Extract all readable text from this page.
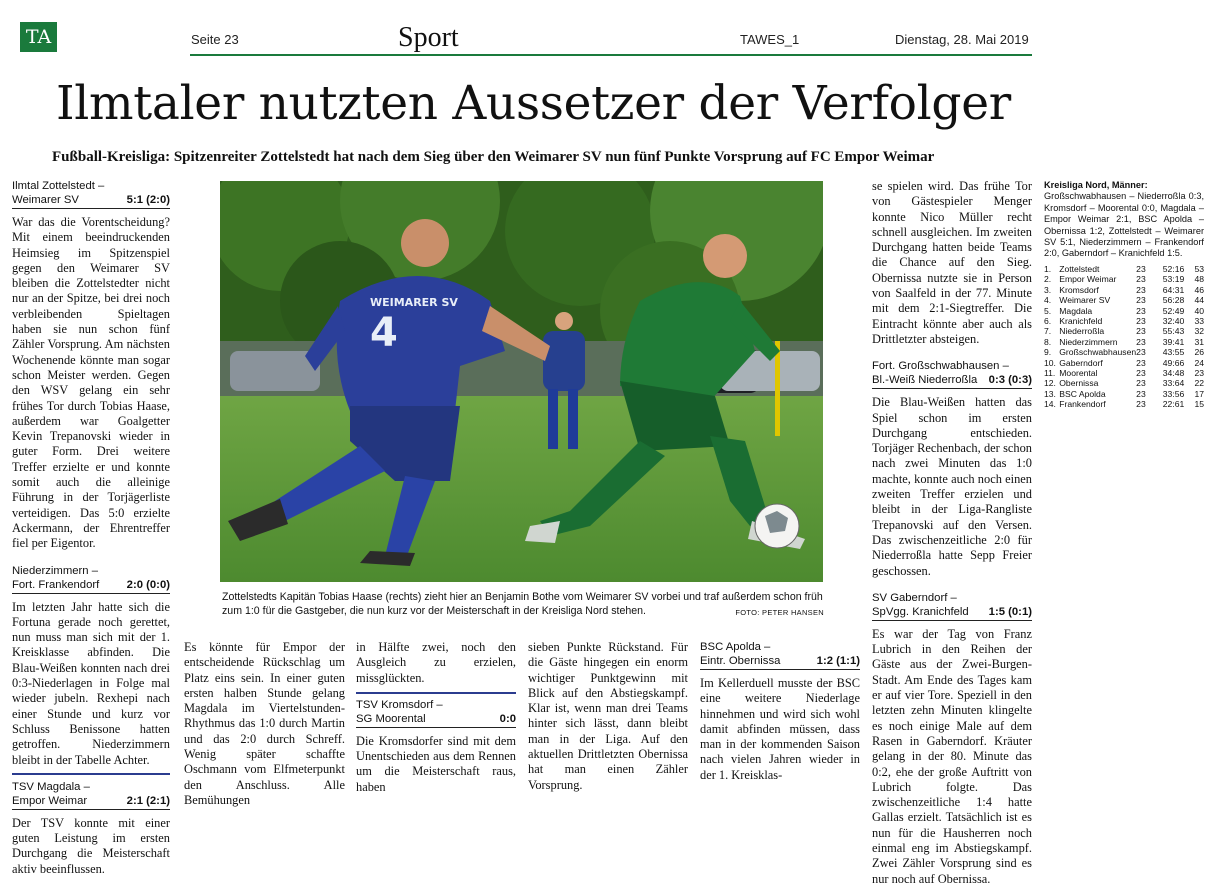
TA	Seite 23	Sport	TAWES_1	Dienstag, 28. Mai 2019
Ilmtaler nutzten Aussetzer der Verfolger
Fußball-Kreisliga: Spitzenreiter Zottelstedt hat nach dem Sieg über den Weimarer SV nun fünf Punkte Vorsprung auf FC Empor Weimar
Ilmtal Zottelstedt –
Weimarer SV	5:1 (2:0)
War das die Vorentscheidung? Mit einem beeindruckenden Heimsieg im Spitzenspiel gegen den Weimarer SV bleiben die Zottelstedter nicht nur an der Spitze, bei drei noch verbleibenden Spieltagen haben sie nun schon fünf Zähler Vorsprung. Am nächsten Wochenende könnte man sogar schon Meister werden. Gegen den WSV gelang ein sehr frühes Tor durch Tobias Haase, außerdem war Goalgetter Kevin Trepanovski wieder in guter Form. Drei weitere Treffer erzielte er und konnte somit auch die alleinige Führung in der Torjägerliste verteidigen. Das 5:0 erzielte Ackermann, der Ehrentreffer fiel per Eigentor.
Niederzimmern –
Fort. Frankendorf 2:0 (0:0)
Im letzten Jahr hatte sich die Fortuna gerade noch gerettet, nun muss man sich mit der 1. Kreisklasse abfinden. Die Blau-Weißen konnten nach drei 0:3-Niederlagen in Folge mal wieder jubeln. Rexhepi nach einer Stunde und kurz vor Schluss Benissone hatten getroffen. Niederzimmern bleibt in der Tabelle Achter.
TSV Magdala –
Empor Weimar	2:1 (2:1)
Der TSV konnte mit einer guten Leistung im ersten Durchgang die Meisterschaft aktiv beeinflussen.
WEIMARER SV
4
Zottelstedts Kapitän Tobias Haase (rechts) zieht hier an Benjamin Bothe vom Weimarer SV vorbei und traf außerdem schon früh zum 1:0 für die Gastgeber, die nun kurz vor der Meisterschaft in der Kreisliga Nord stehen.	FOTO: PETER HANSEN
Es könnte für Empor der entscheidende Rückschlag um Platz eins sein. In einer guten ersten halben Stunde gelang Magdala im Viertelstunden-Rhythmus das 1:0 durch Martin und das 2:0 durch Schreff. Wenig später schaffte Oschmann vom Elfmeterpunkt den Anschluss. Alle Bemühungen
in Hälfte zwei, noch den Ausgleich zu erzielen, missglückten.
TSV Kromsdorf –
SG Moorental	0:0
Die Kromsdorfer sind mit dem Unentschieden aus dem Rennen um die Meisterschaft raus, haben
sieben Punkte Rückstand. Für die Gäste hingegen ein enorm wichtiger Punktgewinn mit Blick auf den Abstiegskampf. Klar ist, wenn man drei Teams hinter sich lässt, dann bleibt man in der Liga. Auf den aktuellen Drittletzten Obernissa hat man einen Zähler Vorsprung.
BSC Apolda –
Eintr. Obernissa	1:2 (1:1)
Im Kellerduell musste der BSC eine weitere Niederlage hinnehmen und wird sich wohl damit abfinden müssen, dass man in der kommenden Saison nach vielen Jahren wieder in der 1. Kreisklas-
se spielen wird. Das frühe Tor von Gästespieler Menger konnte Nico Müller recht schnell ausgleichen. Im zweiten Durchgang hatten beide Teams die Chance auf den Sieg. Obernissa nutzte sie in Person von Saalfeld in der 77. Minute mit dem 2:1-Siegtreffer. Die Eintracht könnte aber auch als Drittletzter absteigen.
Fort. Großschwabhausen –
Bl.-Weiß Niederroßla 0:3 (0:3)
Die Blau-Weißen hatten das Spiel schon im ersten Durchgang entschieden. Torjäger Rechenbach, der schon nach zwei Minuten das 1:0 machte, konnte auch noch einen zweiten Treffer erzielen und bleibt in der Liga-Rangliste Trepanovski auf den Versen. Das zwischenzeitliche 2:0 für Niederroßla hatte Sepp Freier geschossen.
SV Gaberndorf –
SpVgg. Kranichfeld 1:5 (0:1)
Es war der Tag von Franz Lubrich in den Reihen der Gäste aus der Zwei-Burgen-Stadt. Am Ende des Tages kam er auf vier Tore. Speziell in den letzten zehn Minuten klingelte es noch einige Male auf dem Rasen in Gaberndorf. Kräuter gelang in der 80. Minute das 0:2, ehe der große Auftritt von Lubrich folgte. Das zwischenzeitliche 1:4 hatte Gallas erzielt. Tatsächlich ist es nun für die Hausherren noch einmal eng im Abstiegskampf. Zwei Zähler Vorsprung sind es nur noch auf Obernissa.
Kreisliga Nord, Männer:
Großschwabhausen – Niederroßla 0:3, Kromsdorf – Moorental 0:0, Magdala – Empor Weimar 2:1, BSC Apolda – Obernissa 1:2, Zottelstedt – Weimarer SV 5:1, Niederzimmern – Frankendorf 2:0, Gaberndorf – Kranichfeld 1:5.
1.	Zottelstedt	23	52:16	53
2.	Empor Weimar	23	53:19	48
3.	Kromsdorf	23	64:31	46
4.	Weimarer SV	23	56:28	44
5.	Magdala	23	52:49	40
6.	Kranichfeld	23	32:40	33
7.	Niederroßla	23	55:43	32
8.	Niederzimmern	23	39:41	31
9.	Großschwabhausen	23	43:55	26
10.	Gaberndorf	23	49:66	24
11.	Moorental	23	34:48	23
12.	Obernissa	23	33:64	22
13.	BSC Apolda	23	33:56	17
14.	Frankendorf	23	22:61	15
